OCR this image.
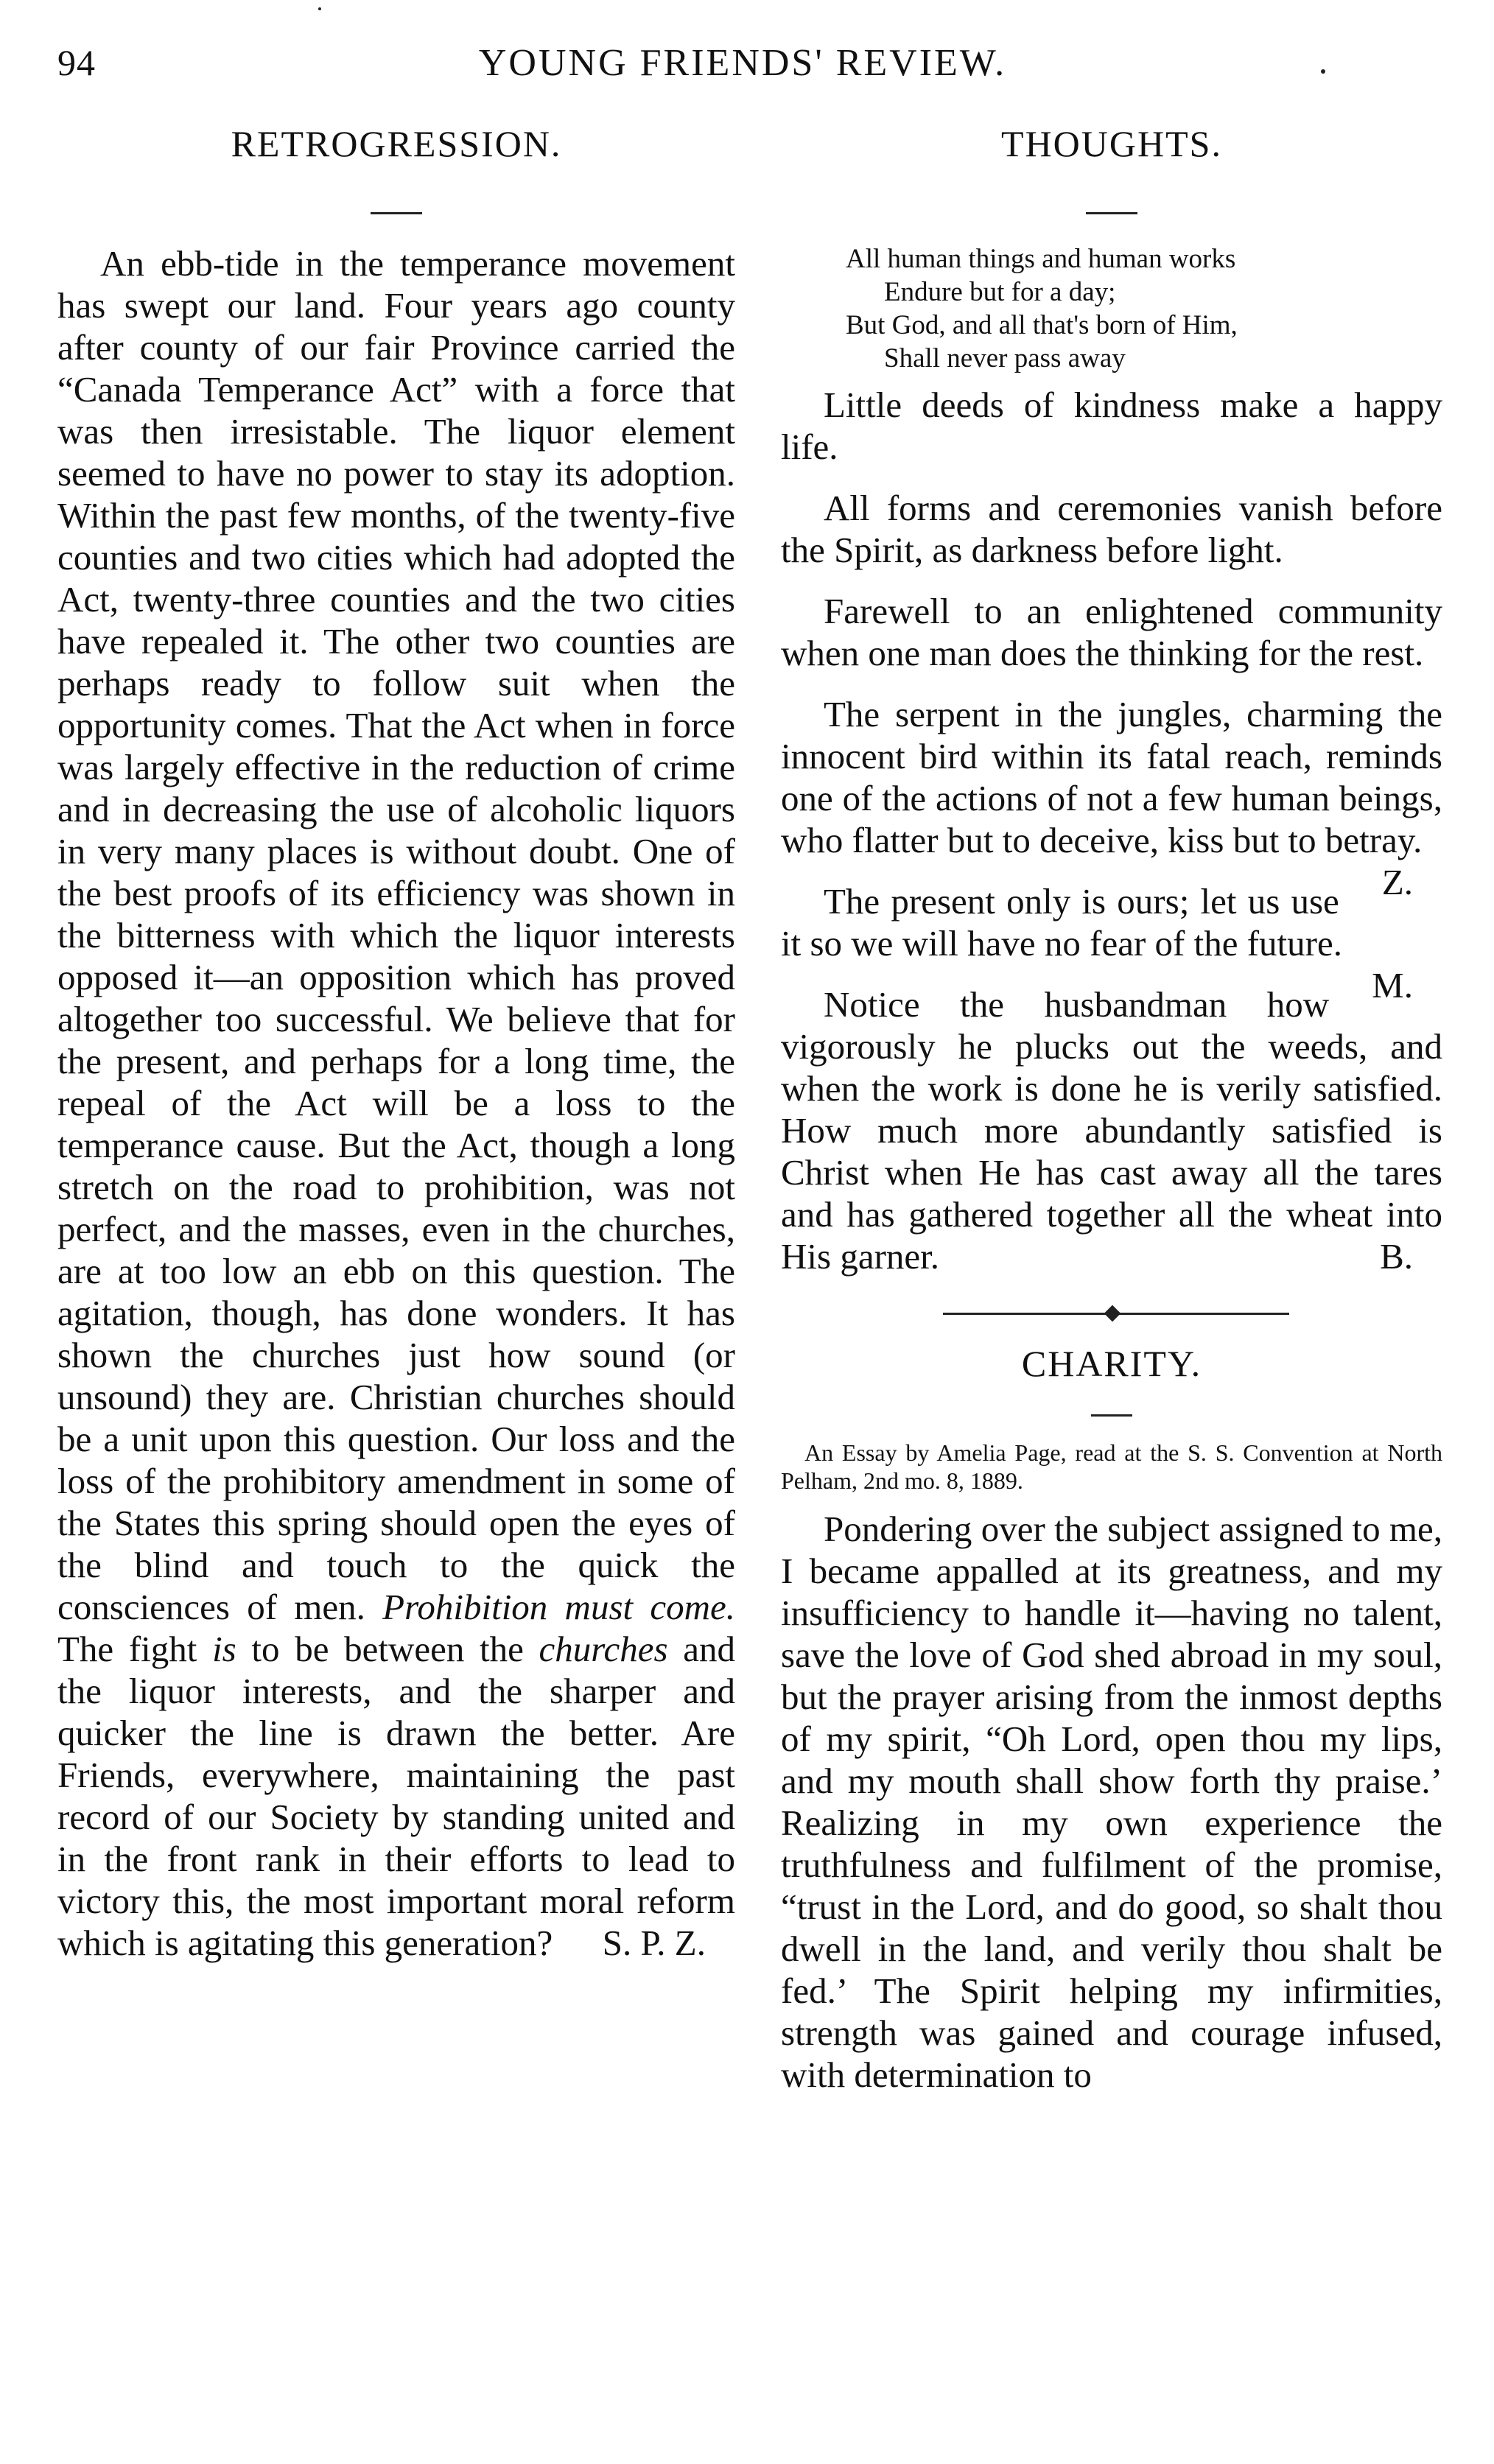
94	YOUNG FRIENDS' REVIEW.
RETROGRESSION.

An ebb-tide in the temperance movement has swept our land. Four years ago county after county of our fair Province carried the “Canada Temperance Act” with a force that was then irresistable. The liquor element seemed to have no power to stay its adoption. Within the past few months, of the twenty-five counties and two cities which had adopted the Act, twenty-three counties and the two cities have repealed it. The other two counties are perhaps ready to follow suit when the opportunity comes. That the Act when in force was largely effective in the reduction of crime and in decreasing the use of alcoholic liquors in very many places is without doubt. One of the best proofs of its efficiency was shown in the bitterness with which the liquor interests opposed it—an opposition which has proved altogether too successful. We believe that for the present, and perhaps for a long time, the repeal of the Act will be a loss to the temperance cause. But the Act, though a long stretch on the road to prohibition, was not perfect, and the masses, even in the churches, are at too low an ebb on this question. The agitation, though, has done wonders. It has shown the churches just how sound (or unsound) they are. Christian churches should be a unit upon this question. Our loss and the loss of the prohibitory amendment in some of the States this spring should open the eyes of the blind and touch to the quick the consciences of men. Prohibition must come. The fight is to be between the churches and the liquor interests, and the sharper and quicker the line is drawn the better. Are Friends, everywhere, maintaining the past record of our Society by standing united and in the front rank in their efforts to lead to victory this, the most important moral reform which is agitating this generation?	S. P. Z.

THOUGHTS.
All human things and human works
Endure but for a day;
But God, and all that's born of Him,
Shall never pass away

Little deeds of kindness make a happy life.

All forms and ceremonies vanish before the Spirit, as darkness before light.

Farewell to an enlightened community when one man does the thinking for the rest.

The serpent in the jungles, charming the innocent bird within its fatal reach, reminds one of the actions of not a few human beings, who flatter but to deceive, kiss but to betray.
Z.

The present only is ours; let us use it so we will have no fear of the future.
M.

Notice the husbandman how vigorously he plucks out the weeds, and when the work is done he is verily satisfied. How much more abundantly satisfied is Christ when He has cast away all the tares and has gathered together all the wheat into His garner.	B.

CHARITY.

An Essay by Amelia Page, read at the S. S. Convention at North Pelham, 2nd mo. 8, 1889.

Pondering over the subject assigned to me, I became appalled at its greatness, and my insufficiency to handle it—having no talent, save the love of God shed abroad in my soul, but the prayer arising from the inmost depths of my spirit, “Oh Lord, open thou my lips, and my mouth shall show forth thy praise.’ Realizing in my own experience the truthfulness and fulfilment of the promise, “trust in the Lord, and do good, so shalt thou dwell in the land, and verily thou shalt be fed.’ The Spirit helping my infirmities, strength was gained and courage infused, with determination to
